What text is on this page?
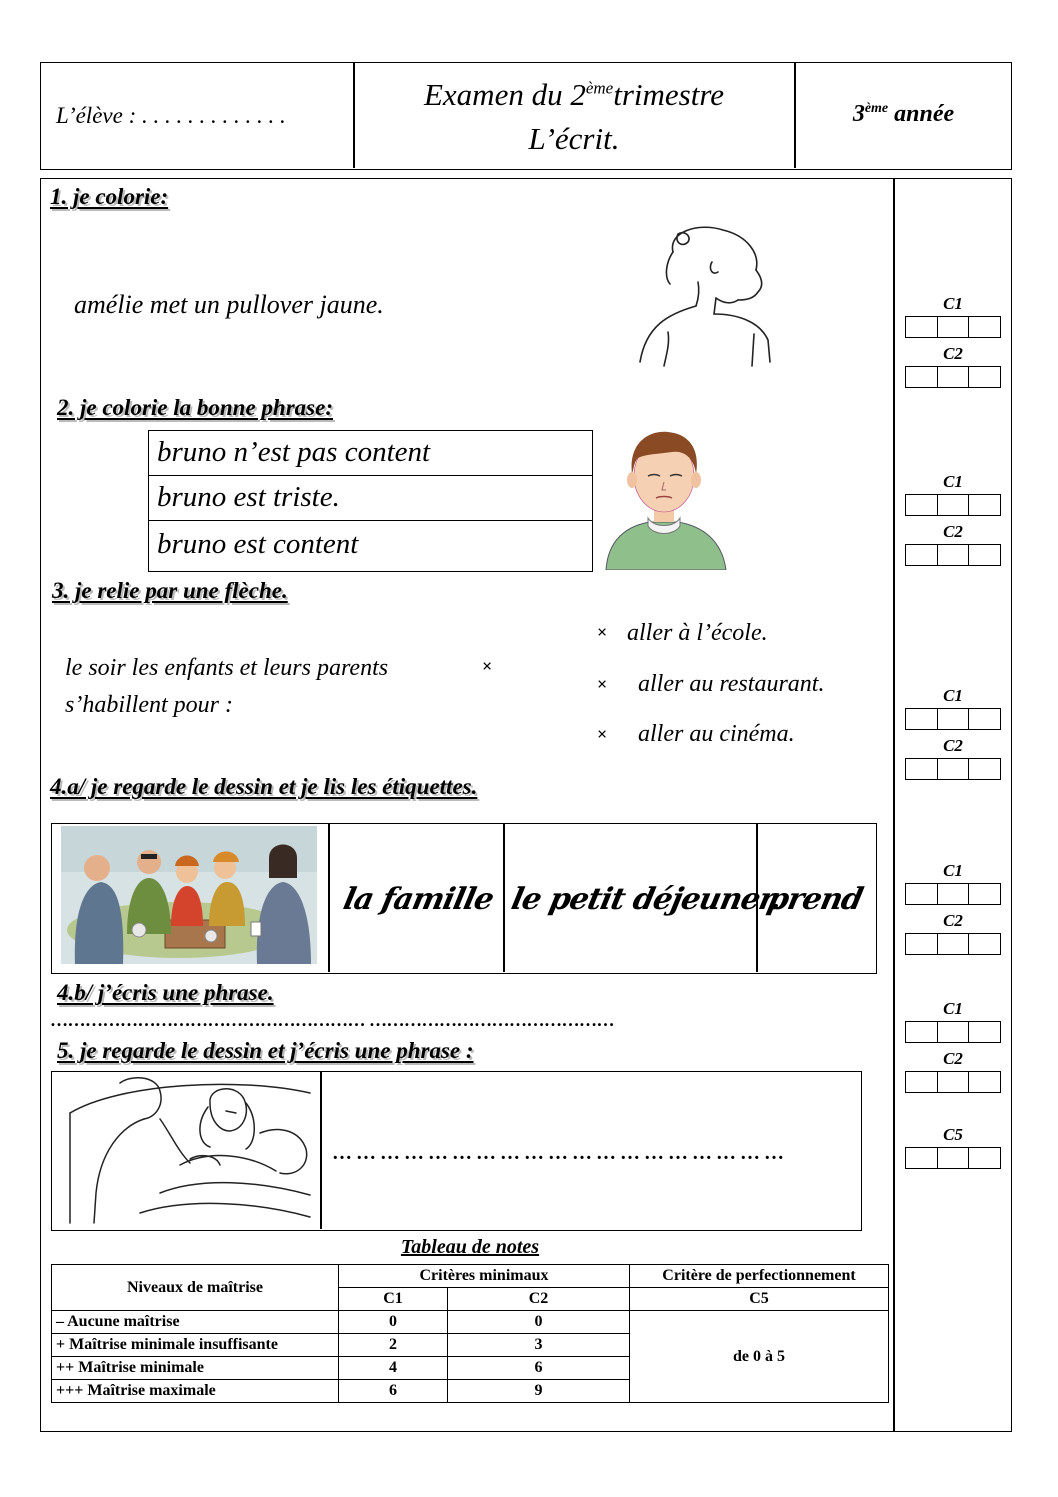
L’élève : . . . . . . . . . . . . .
Examen du 2èmetrimestre
L’écrit.
3ème année
1. je colorie:
amélie met un pullover jaune.
2. je colorie la bonne phrase:
bruno n’est pas content
bruno est triste.
bruno est content
3. je relie par une flèche.
le soir les enfants et leurs parents
s’habillent pour :
×
× aller à l’école.
× aller au restaurant.
× aller au cinéma.
4.a/ je regarde le dessin et je lis les étiquettes.
la famille le petit déjeuner.
prend
4.b/ j’écris une phrase.
……………………………………………… ……………………………………
5. je regarde le dessin et j’écris une phrase :
… … … … … … … … … … … … … … … … … … …
C1
C2
C1
C2
C1
C2
C1
C2
C1
C2
C5
Tableau de notes
Niveaux de maîtrise	Critères minimaux		Critère de perfectionnement
	C1	C2	C5
– Aucune maîtrise	0	0	de 0 à 5
+ Maîtrise minimale insuffisante	2	3	
++ Maîtrise minimale	4	6	
+++ Maîtrise maximale	6	9	
